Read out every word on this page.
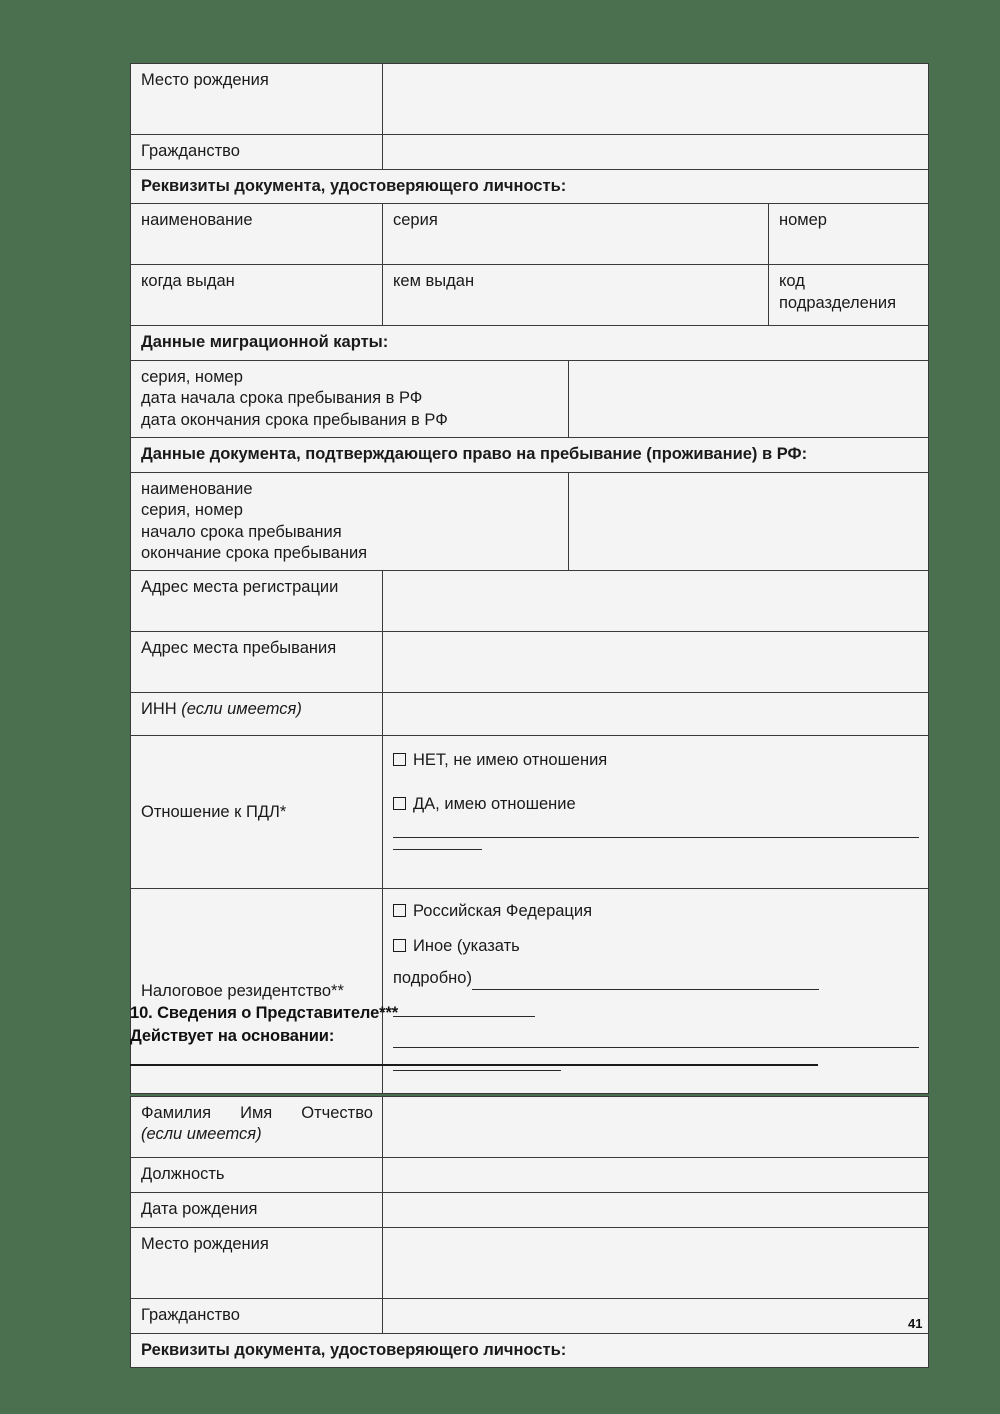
Место рождения			
Гражданство			
Реквизиты документа, удостоверяющего личность:			
наименование	серия		номер
когда выдан	кем выдан		код подразделения
Данные миграционной карты:			

серия, номер
дата начала срока пребывания в РФ
дата окончания срока пребывания в РФ			

Данные документа, подтверждающего право на пребывание (проживание) в РФ:			

наименование
серия, номер
начало срока пребывания
окончание срока пребывания			

Адрес места регистрации			
Адрес места пребывания			
ИНН (если имеется)			
Отношение к ПДЛ*	НЕТ, не имею отношения
ДА, имею отношение		

Налоговое резидентство**	Российская Федерация
Иное (указать
подробно)		
10. Сведения о Представителе***
Действует на основании:
Фамилия Имя Отчество
(если имеется)	
Должность	
Дата рождения	
Место рождения	
Гражданство	
Реквизиты документа, удостоверяющего личность:	
41
